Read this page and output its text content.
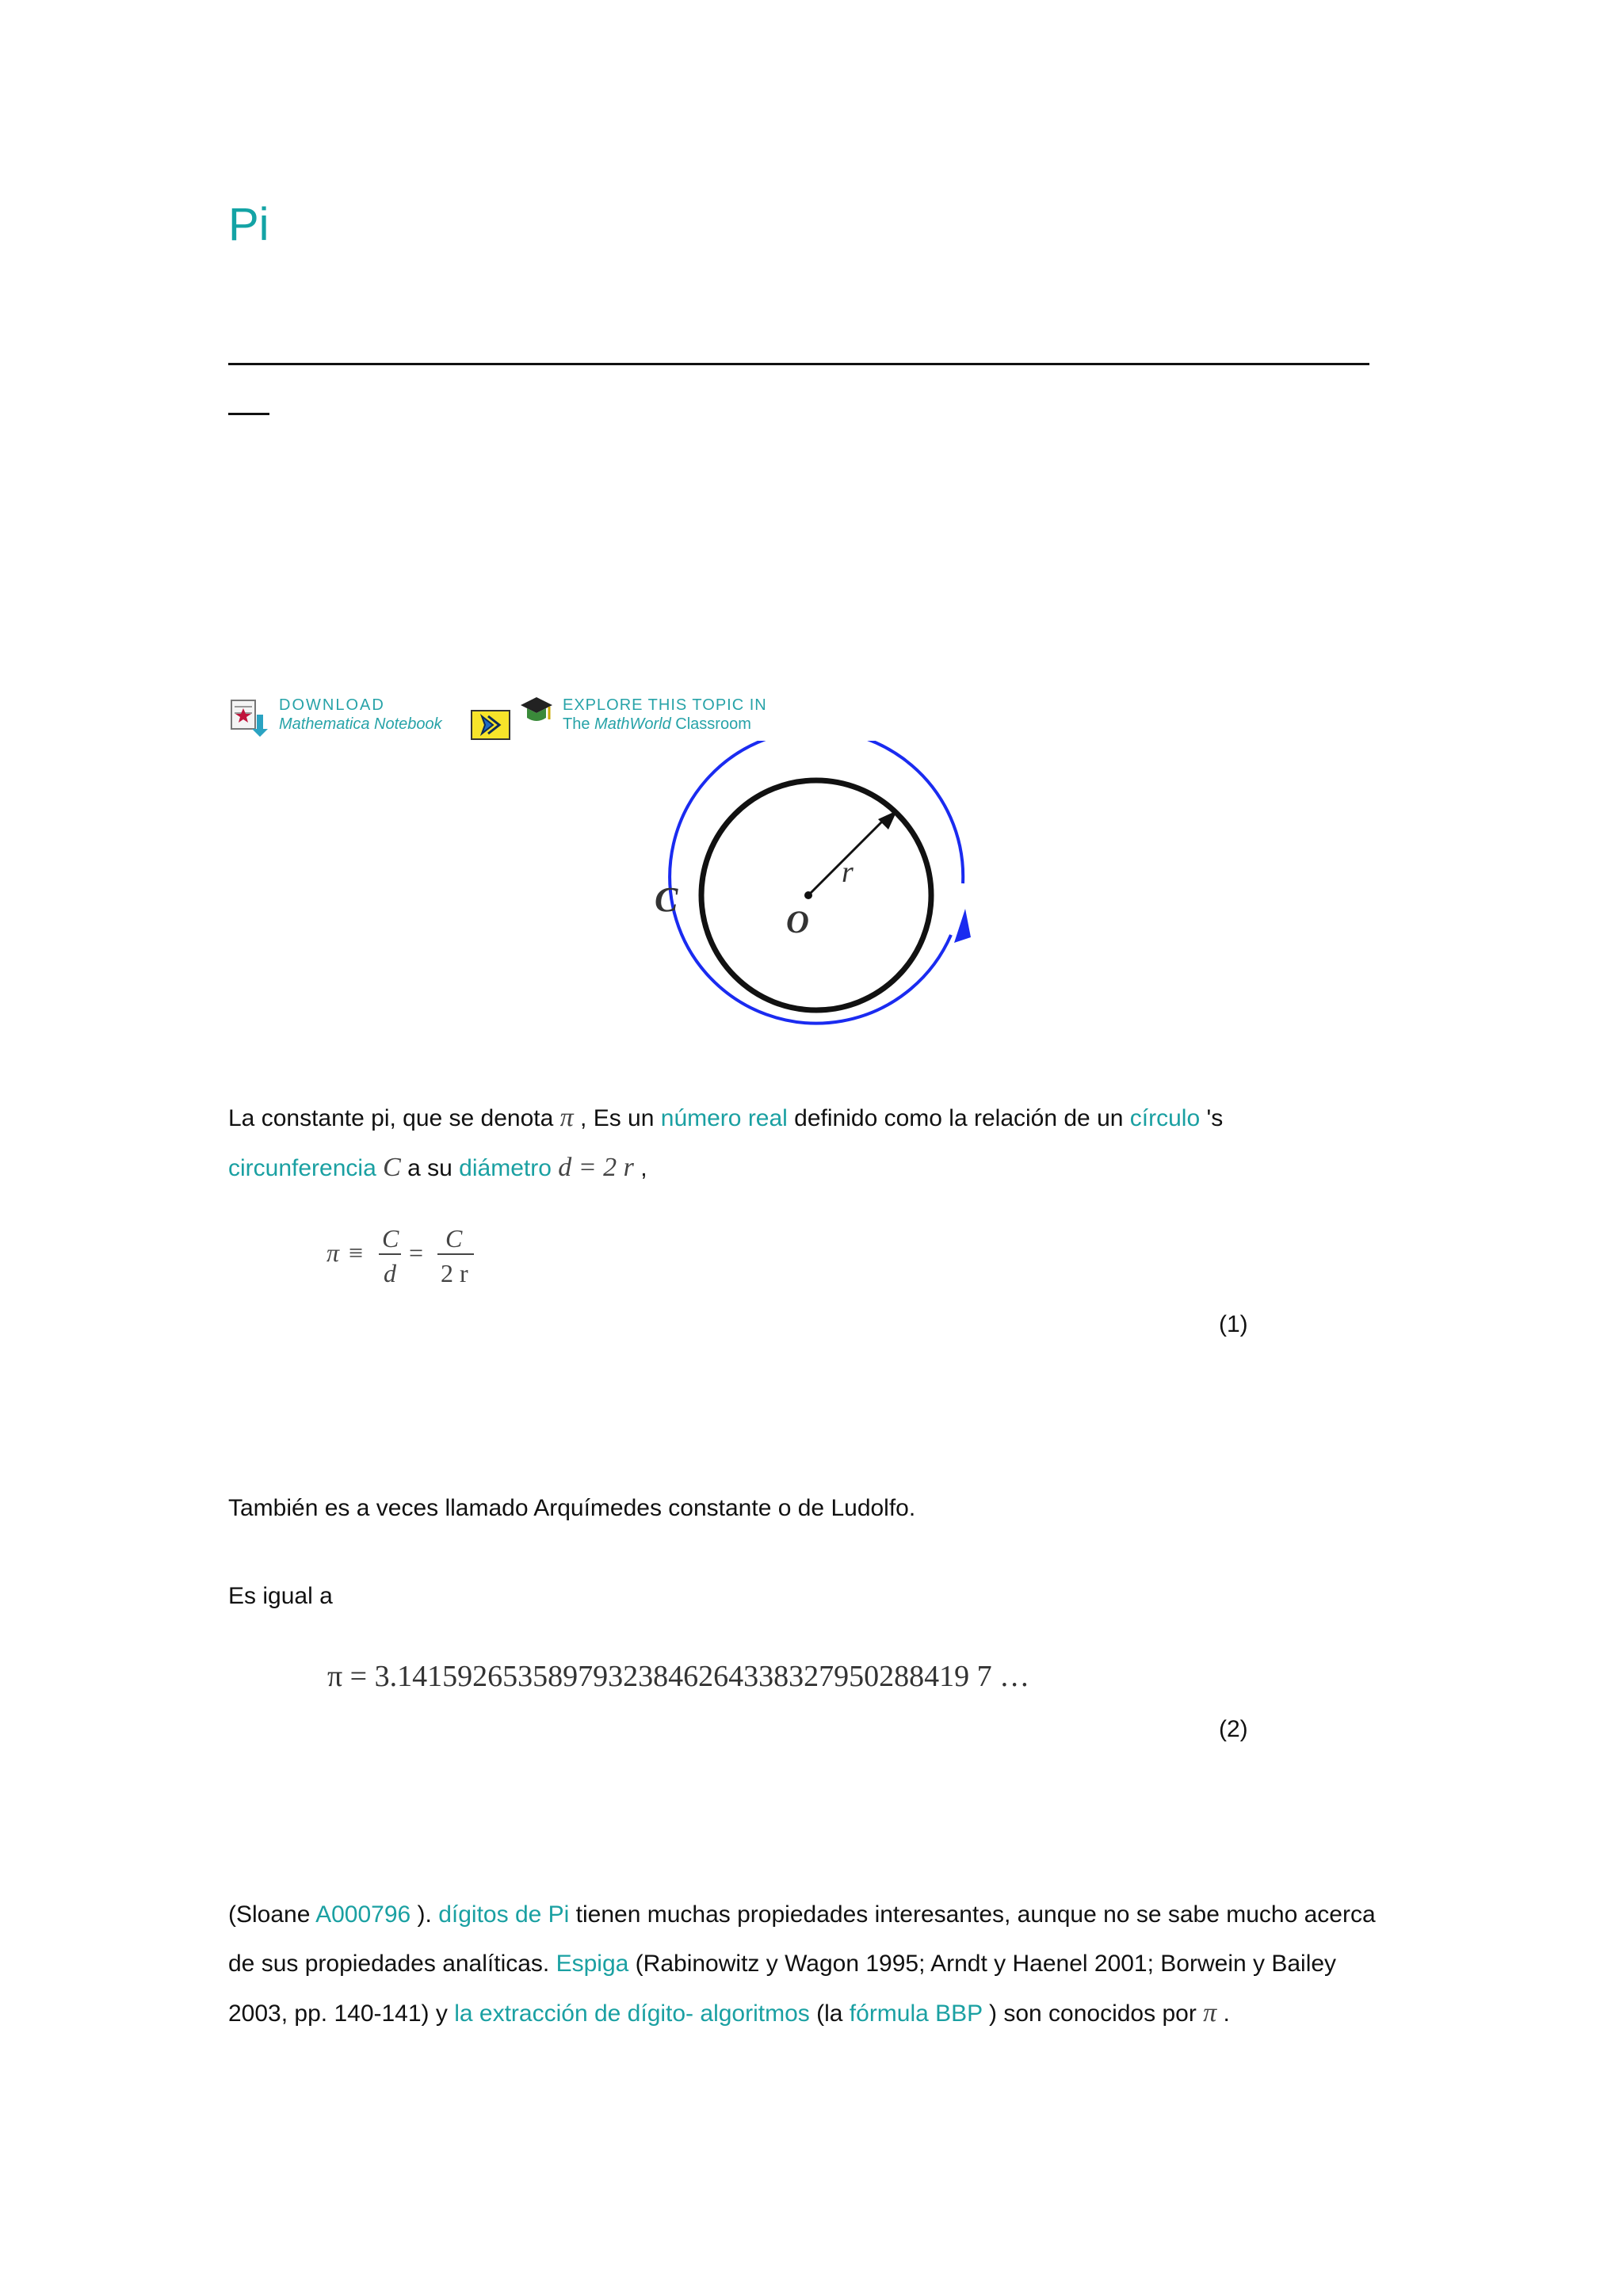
Pi
DOWNLOAD
Mathematica Notebook
EXPLORE THIS TOPIC IN
The MathWorld Classroom
C
O
r

La constante pi, que se denota π , Es un número real definido como la relación de un círculo 's
circunferencia C a su diámetro d = 2 r ,

π ≡ C
d
= C
2 r
(1)

También es a veces llamado Arquímedes constante o de Ludolfo.

Es igual a

π = 3.14159265358979323846264338327950288419 7 …
(2)

(Sloane A000796 ). dígitos de Pi tienen muchas propiedades interesantes, aunque no se sabe mucho acerca de sus propiedades analíticas. Espiga (Rabinowitz y Wagon 1995; Arndt y Haenel 2001; Borwein y Bailey 2003, pp. 140-141) y la extracción de dígito- algoritmos (la fórmula BBP ) son conocidos por π .
